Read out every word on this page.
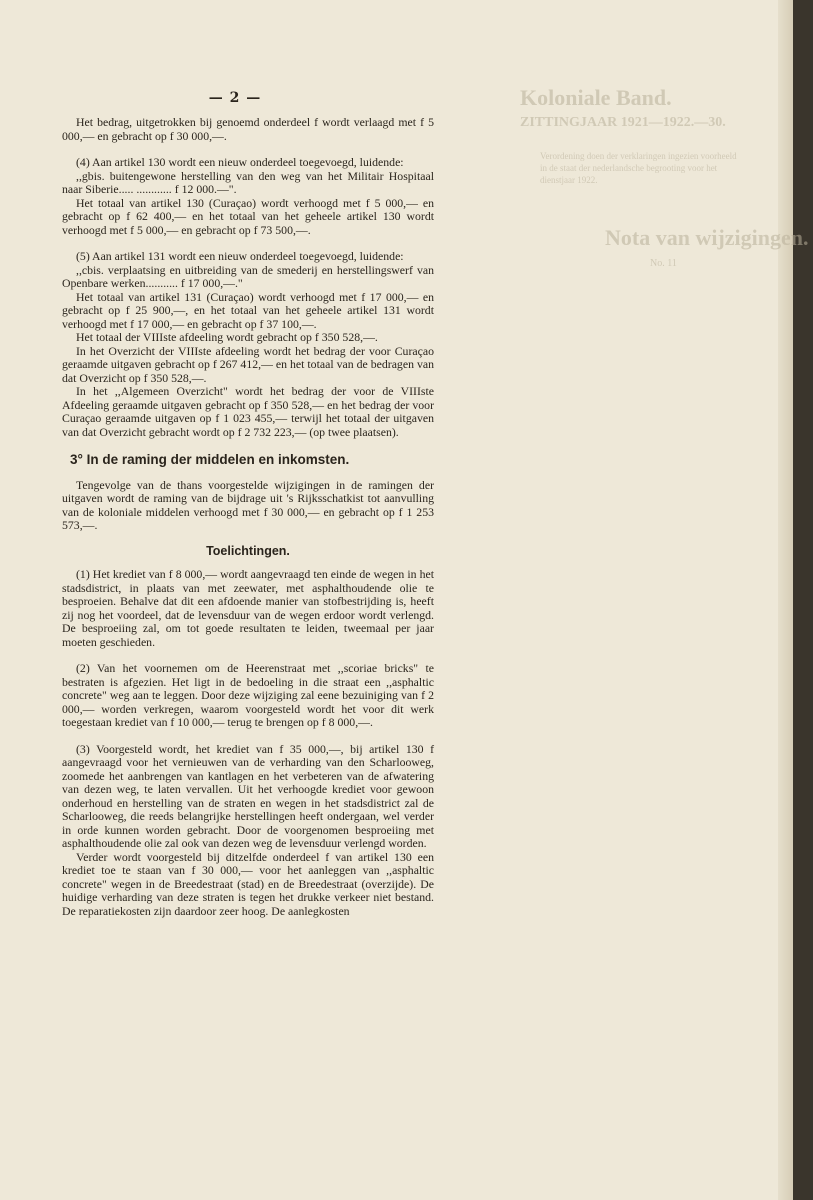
Koloniale Band.
ZITTINGJAAR 1921—1922.—30.
Verordening doen der verklaringen ingezien voorheeld in de staat der nederlandsche begrooting voor het dienstjaar 1922.
Nota van wijzigingen.
No. 11
— 2 —

Het bedrag, uitgetrokken bij genoemd onderdeel f wordt verlaagd met f 5 000,— en gebracht op f 30 000,—.

(4) Aan artikel 130 wordt een nieuw onderdeel toegevoegd, luidende:

,,gbis. buitengewone herstelling van den weg van het Militair Hospitaal naar Siberie..... ............ f 12 000.—".

Het totaal van artikel 130 (Curaçao) wordt verhoogd met f 5 000,— en gebracht op f 62 400,— en het totaal van het geheele artikel 130 wordt verhoogd met f 5 000,— en gebracht op f 73 500,—.

(5) Aan artikel 131 wordt een nieuw onderdeel toegevoegd, luidende:

,,cbis. verplaatsing en uitbreiding van de smederij en herstellingswerf van Openbare werken........... f 17 000,—."

Het totaal van artikel 131 (Curaçao) wordt verhoogd met f 17 000,— en gebracht op f 25 900,—, en het totaal van het geheele artikel 131 wordt verhoogd met f 17 000,— en gebracht op f 37 100,—.

Het totaal der VIIIste afdeeling wordt gebracht op f 350 528,—.

In het Overzicht der VIIIste afdeeling wordt het bedrag der voor Curaçao geraamde uitgaven gebracht op f 267 412,— en het totaal van de bedragen van dat Overzicht op f 350 528,—.

In het ,,Algemeen Overzicht" wordt het bedrag der voor de VIIIste Afdeeling geraamde uitgaven gebracht op f 350 528,— en het bedrag der voor Curaçao geraamde uitgaven op f 1 023 455,— terwijl het totaal der uitgaven van dat Overzicht gebracht wordt op f 2 732 223,— (op twee plaatsen).

3° In de raming der middelen en inkomsten.

Tengevolge van de thans voorgestelde wijzigingen in de ramingen der uitgaven wordt de raming van de bijdrage uit 's Rijksschatkist tot aanvulling van de koloniale middelen verhoogd met f 30 000,— en gebracht op f 1 253 573,—.

Toelichtingen.

(1) Het krediet van f 8 000,— wordt aangevraagd ten einde de wegen in het stadsdistrict, in plaats van met zeewater, met asphalthoudende olie te besproeien. Behalve dat dit een afdoende manier van stofbestrijding is, heeft zij nog het voordeel, dat de levensduur van de wegen erdoor wordt verlengd. De besproeiing zal, om tot goede resultaten te leiden, tweemaal per jaar moeten geschieden.

(2) Van het voornemen om de Heerenstraat met ,,scoriae bricks" te bestraten is afgezien. Het ligt in de bedoeling in die straat een ,,asphaltic concrete" weg aan te leggen. Door deze wijziging zal eene bezuiniging van f 2 000,— worden verkregen, waarom voorgesteld wordt het voor dit werk toegestaan krediet van f 10 000,— terug te brengen op f 8 000,—.

(3) Voorgesteld wordt, het krediet van f 35 000,—, bij artikel 130 f aangevraagd voor het vernieuwen van de verharding van den Scharlooweg, zoomede het aanbrengen van kantlagen en het verbeteren van de afwatering van dezen weg, te laten vervallen. Uit het verhoogde krediet voor gewoon onderhoud en herstelling van de straten en wegen in het stadsdistrict zal de Scharlooweg, die reeds belangrijke herstellingen heeft ondergaan, wel verder in orde kunnen worden gebracht. Door de voorgenomen besproeiing met asphalthoudende olie zal ook van dezen weg de levensduur verlengd worden.

Verder wordt voorgesteld bij ditzelfde onderdeel f van artikel 130 een krediet toe te staan van f 30 000,— voor het aanleggen van ,,asphaltic concrete" wegen in de Breedestraat (stad) en de Breedestraat (overzijde). De huidige verharding van deze straten is tegen het drukke verkeer niet bestand. De reparatiekosten zijn daardoor zeer hoog. De aanlegkosten
